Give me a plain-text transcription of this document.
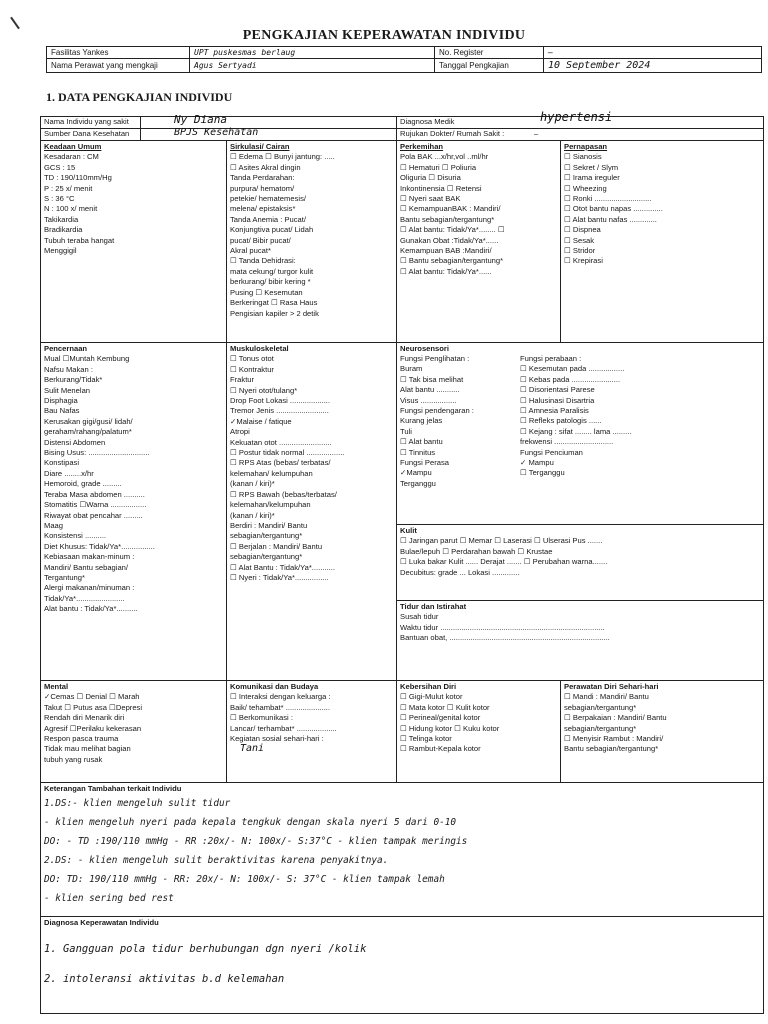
PENGKAJIAN KEPERAWATAN INDIVIDU
Fasilitas Yankes	UPT puskesmas berlaug	No. Register	–
Nama Perawat yang mengkaji	Agus Sertyadi	Tanggal Pengkajian	10 September 2024
1. DATA PENGKAJIAN INDIVIDU
Nama Individu yang sakit	Ny Diana
Sumber Dana Kesehatan	BPJS Kesehatan
Diagnosa Medik	hypertensi
Rujukan Dokter/ Rumah Sakit :	–
Keadaan Umum
Kesadaran : CM
GCS : 15
TD : 190/110mm/Hg
P : 25 x/ menit
S : 36 °C
N : 100 x/ menit
Takikardia
Bradikardia
Tubuh teraba hangat
Menggigil
Sirkulasi/ Cairan
☐ Edema ☐ Bunyi jantung: .....
☐ Asites Akral dingin
Tanda Perdarahan:
purpura/ hematom/
petekie/ hematemesis/
melena/ epistaksis*
Tanda Anemia : Pucat/
Konjungtiva pucat/ Lidah
pucat/ Bibir pucat/
Akral pucat*
☐ Tanda Dehidrasi:
mata cekung/ turgor kulit
berkurang/ bibir kering *
Pusing ☐ Kesemutan
Berkeringat ☐ Rasa Haus
Pengisian kapiler > 2 detik
Perkemihan
Pola BAK ...x/hr,vol ..ml/hr
☐ Hematuri ☐ Poliuria
Oliguria ☐ Disuria
Inkontinensia ☐ Retensi
☐ Nyeri saat BAK
☐ KemampuanBAK : Mandiri/
Bantu sebagian/tergantung*
☐ Alat bantu: Tidak/Ya*........ ☐
Gunakan Obat :Tidak/Ya*......
Kemampuan BAB :Mandiri/
☐ Bantu sebagian/tergantung*
☐ Alat bantu: Tidak/Ya*......
Pernapasan
☐ Sianosis
☐ Sekret / Slym
☐ Irama ireguler
☐ Wheezing
☐ Ronki ...........................
☐ Otot bantu napas ..............
☐ Alat bantu nafas .............
☐ Dispnea
☐ Sesak
☐ Stridor
☐ Krepirasi
Pencernaan
Mual ☐Muntah Kembung
Nafsu Makan :
Berkurang/Tidak*
Sulit Menelan
Disphagia
Bau Nafas
Kerusakan gigi/gusi/ lidah/
geraham/rahang/palatum*
Distensi Abdomen
Bising Usus: .............................
Konstipasi
Diare ........x/hr
Hemoroid, grade .........
Teraba Masa abdomen ..........
Stomatitis ☐Warna .................
Riwayat obat pencahar .........
Maag
Konsistensi ..........
Diet Khusus: Tidak/Ya*................
Kebiasaan makan-minum :
Mandiri/ Bantu sebagian/
Tergantung*
Alergi makanan/minuman :
Tidak/Ya*.......................
Alat bantu : Tidak/Ya*..........
Muskuloskeletal
☐ Tonus otot
☐ Kontraktur
Fraktur
☐ Nyeri otot/tulang*
Drop Foot Lokasi ...................
Tremor Jenis .........................
✓Malaise / fatique
Atropi
Kekuatan otot .........................
☐ Postur tidak normal ..................
☐ RPS Atas (bebas/ terbatas/
kelemahan/ kelumpuhan
(kanan / kiri)*
☐ RPS Bawah (bebas/terbatas/
kelemahan/kelumpuhan
(kanan / kiri)*
Berdiri : Mandiri/ Bantu
sebagian/tergantung*
☐ Berjalan : Mandiri/ Bantu
sebagian/tergantung*
☐ Alat Bantu : Tidak/Ya*...........
☐ Nyeri : Tidak/Ya*................
Neurosensori
Fungsi Penglihatan :
Buram
☐ Tak bisa melihat
Alat bantu ...........
Visus .................
Fungsi pendengaran :
Kurang jelas
Tuli
☐ Alat bantu
☐ Tinnitus
Fungsi Perasa
✓Mampu
Terganggu
Fungsi perabaan :
☐ Kesemutan pada .................
☐ Kebas pada .......................
☐ Disorientasi Parese
☐ Halusinasi Disartria
☐ Amnesia Paralisis
☐ Refleks patologis ......
☐ Kejang : sifat ........ lama .........
frekwensi ............................
Fungsi Penciuman
✓ Mampu
☐ Terganggu
Kulit
☐ Jaringan parut ☐ Memar ☐ Laserasi ☐ Ulserasi Pus .......
Bulae/lepuh ☐ Perdarahan bawah ☐ Krustae
☐ Luka bakar Kulit ...... Derajat ....... ☐ Perubahan warna.......
Decubitus: grade ... Lokasi .............
Tidur dan Istirahat
Susah tidur
Waktu tidur ..............................................................................
Bantuan obat, ............................................................................
Mental
✓Cemas ☐ Denial ☐ Marah
Takut ☐ Putus asa ☐Depresi
Rendah diri Menarik diri
Agresif ☐Perilaku kekerasan
Respon pasca trauma
Tidak mau melihat bagian
tubuh yang rusak
Komunikasi dan Budaya
☐ Interaksi dengan keluarga :
Baik/ tehambat* .....................
☐ Berkomunikasi :
Lancar/ terhambat* ...................
Kegiatan sosial sehari-hari :
Tani
Kebersihan Diri
☐ Gigi-Mulut kotor
☐ Mata kotor ☐ Kulit kotor
☐ Perineal/genital kotor
☐ Hidung kotor ☐ Kuku kotor
☐ Telinga kotor
☐ Rambut-Kepala kotor
Perawatan Diri Sehari-hari
☐ Mandi : Mandiri/ Bantu
sebagian/tergantung*
☐ Berpakaian : Mandiri/ Bantu
sebagian/tergantung*
☐ Menyisir Rambut : Mandiri/
Bantu sebagian/tergantung*
Keterangan Tambahan terkait Individu
1.DS:- klien mengeluh sulit tidur
- klien mengeluh nyeri pada kepala tengkuk dengan skala nyeri 5 dari 0-10
DO: - TD :190/110 mmHg - RR :20x/- N: 100x/- S:37°C - klien tampak meringis
2.DS: - klien mengeluh sulit beraktivitas karena penyakitnya.
DO: TD: 190/110 mmHg - RR: 20x/- N: 100x/- S: 37°C - klien tampak lemah
- klien sering bed rest
Diagnosa Keperawatan Individu
1. Gangguan pola tidur berhubungan dgn nyeri /kolik
2. intoleransi aktivitas b.d kelemahan
